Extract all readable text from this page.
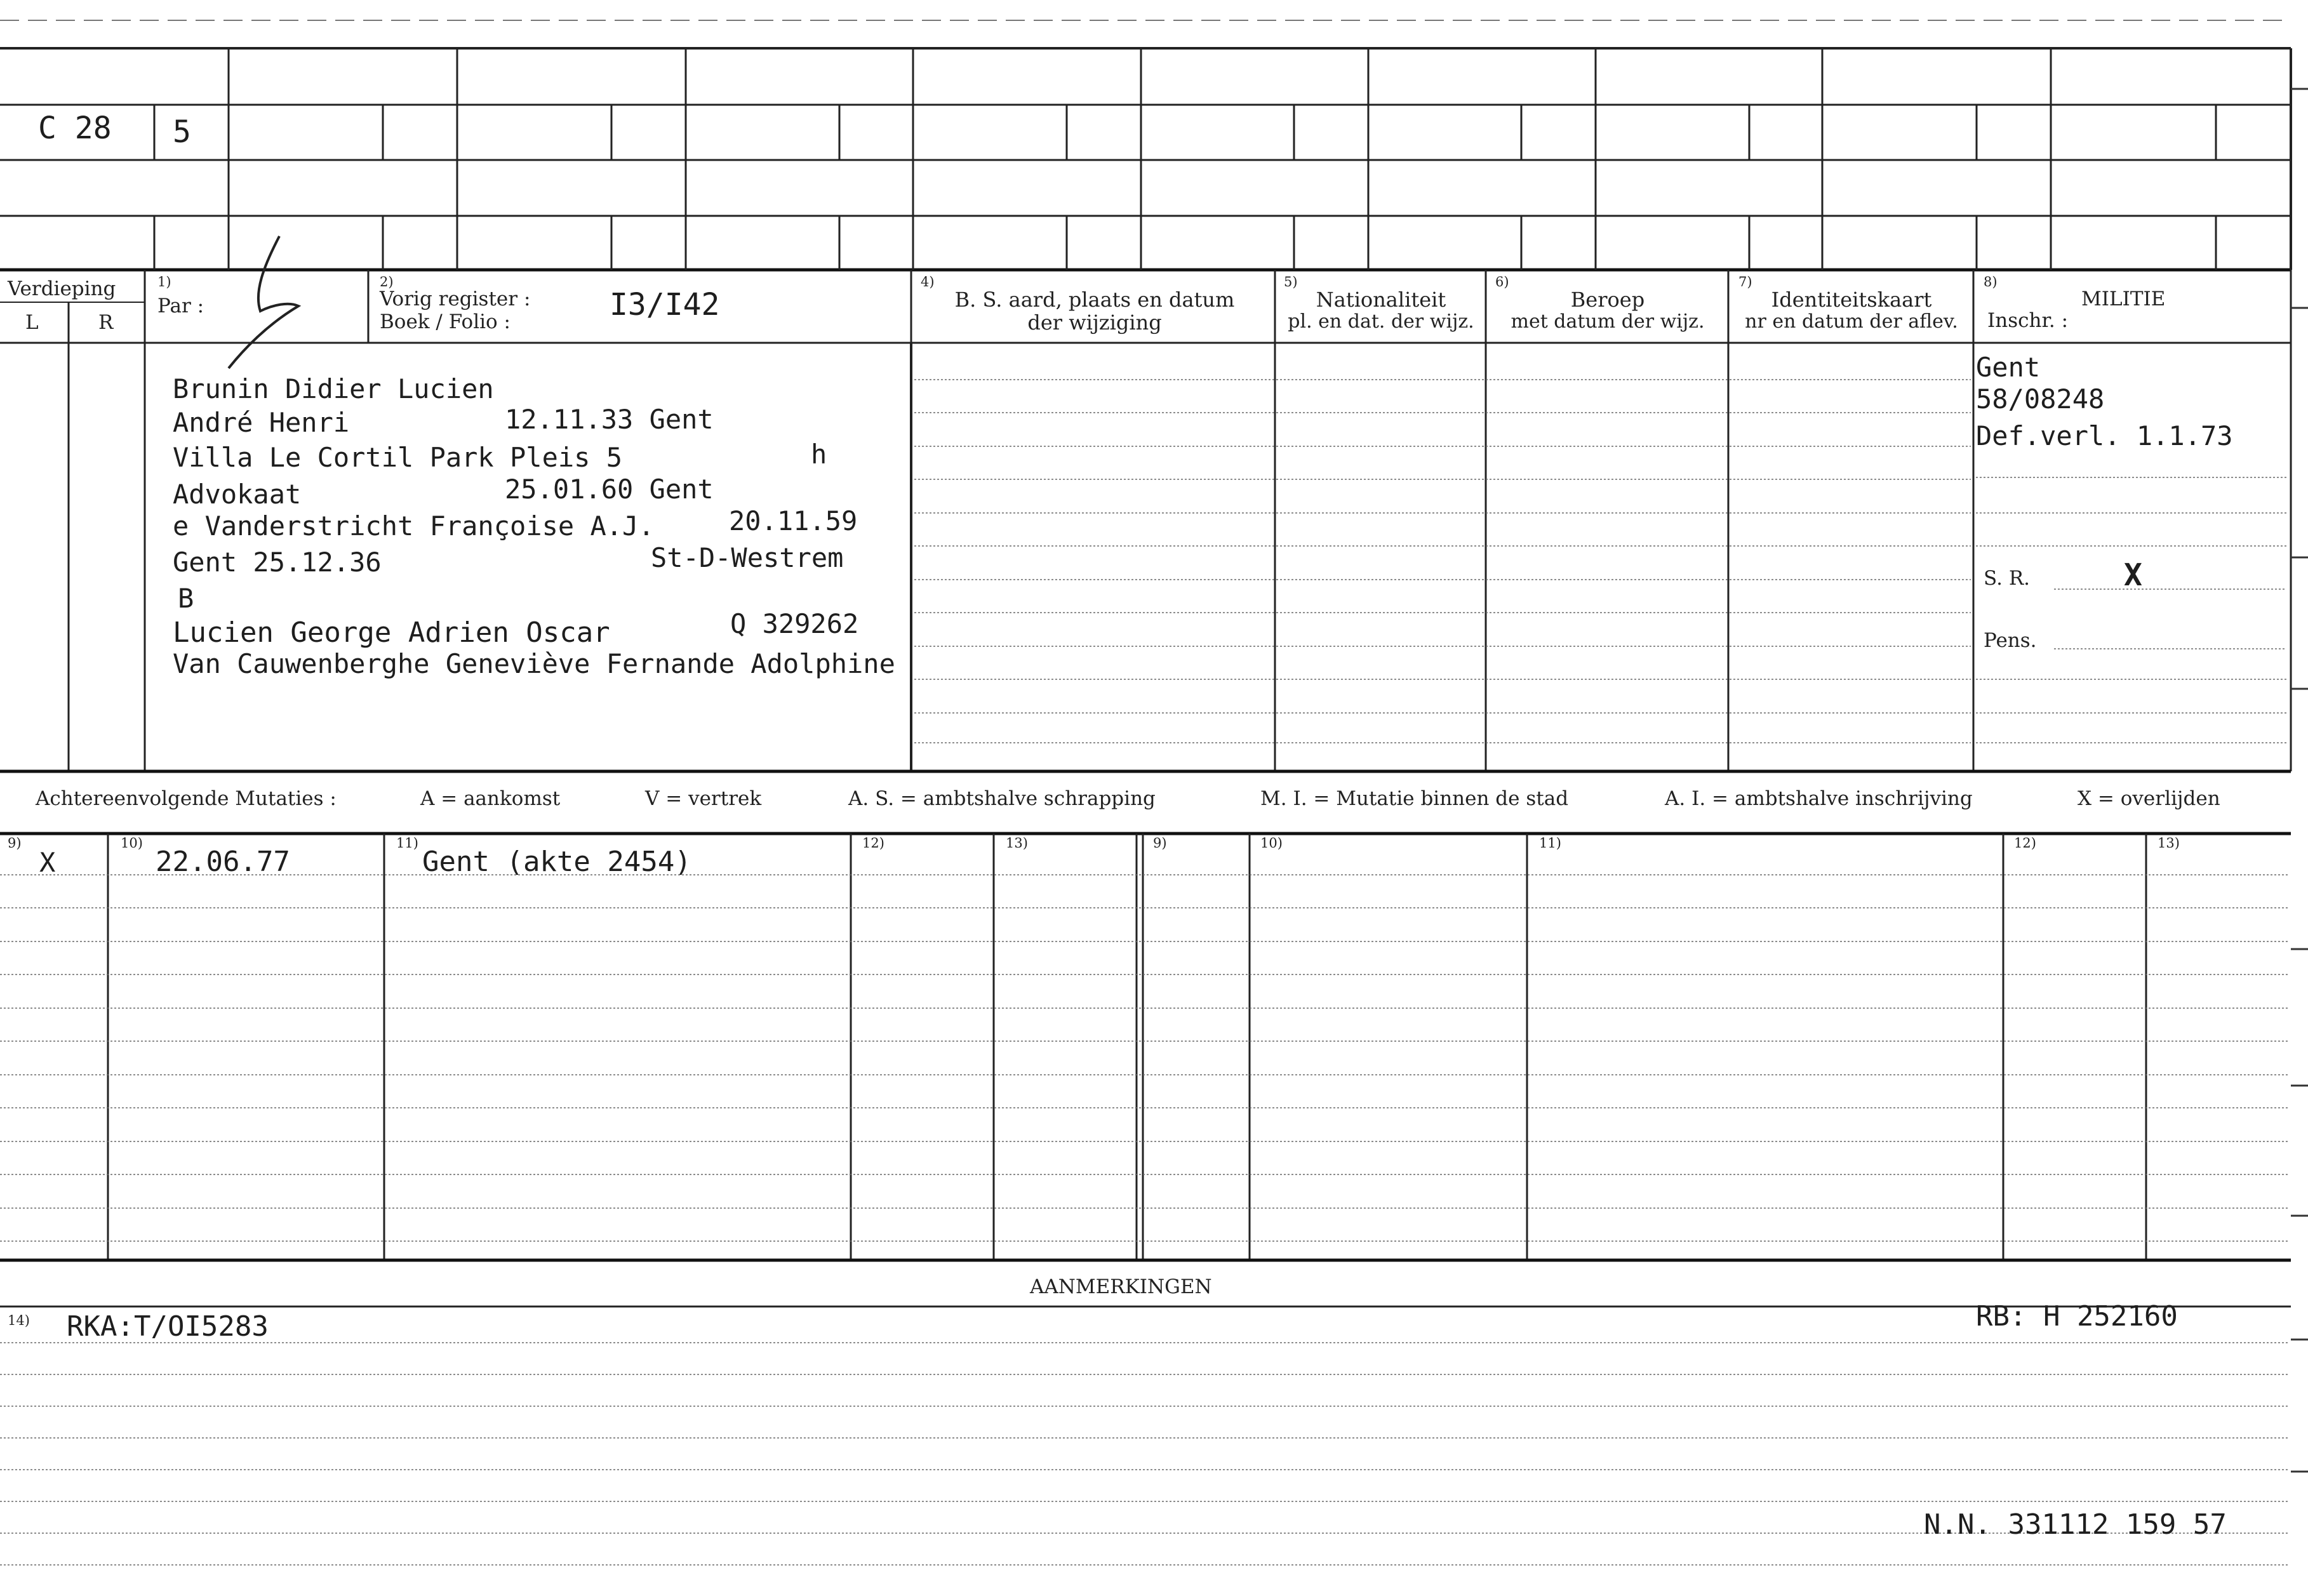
C 28 5
Verdieping
L	R
1)
Par :
2)
Vorig register :
Boek / Folio :	I3/I42
4)
B. S. aard, plaats en datum
der wijziging
5)
Nationaliteit
pl. en dat. der wijz.
6)
Beroep
met datum der wijz.
7)
Identiteitskaart
nr en datum der aflev.
8)
MILITIE
Inschr. :
Brunin Didier Lucien
André Henri	12.11.33 Gent
Villa Le Cortil Park Pleis 5	h
Advokaat	25.01.60 Gent
e Vanderstricht Françoise A.J.	20.11.59
Gent 25.12.36	St-D-Westrem
B
Lucien George Adrien Oscar	Q 329262
Van Cauwenberghe Geneviève Fernande Adolphine
Gent
58/08248
Def.verl. 1.1.73
S. R.	X
Pens.
Achtereenvolgende Mutaties :	A = aankomst	V = vertrek	A. S. = ambtshalve schrapping	M. I. = Mutatie binnen de stad	A. I. = ambtshalve inschrijving	X = overlijden
9)	10)	11)	12)	13)	9)	10)	11)	12)	13)
X	22.06.77	Gent (akte 2454)
AANMERKINGEN
14) RKA:T/OI5283	RB: H 252160
N.N. 331112 159 57
